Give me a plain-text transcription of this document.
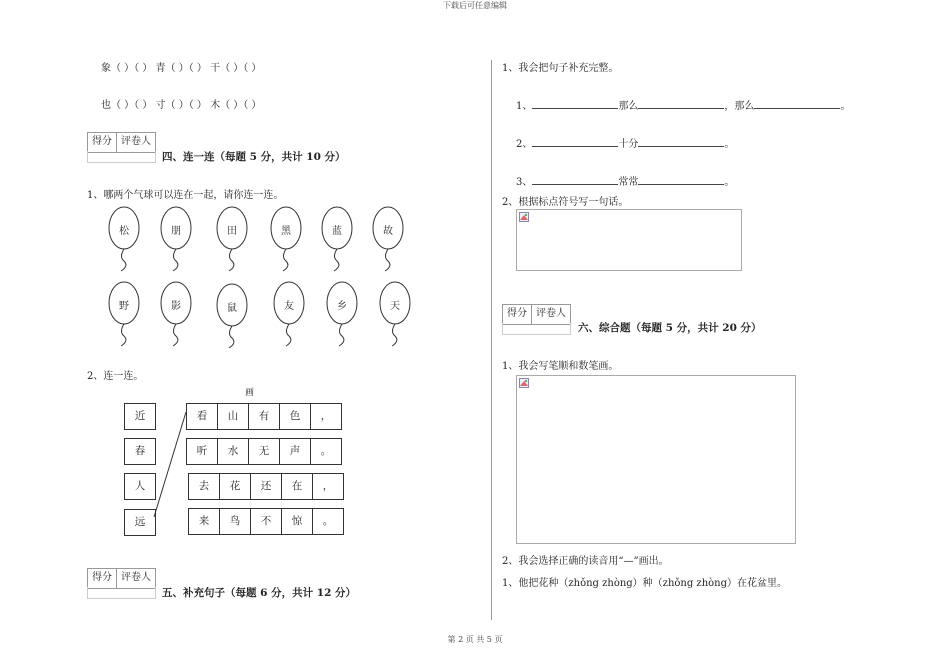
下载后可任意编辑
第 2 页 共 5 页
象（ ）（ ） 青（ ）（ ） 干（ ）（ ）
也（ ）（ ） 寸（ ）（ ） 木（ ）（ ）
得分 评卷人
四、连一连（每题 5 分，共计 10 分）
1、哪两个气球可以连在一起，请你连一连。
松	朋	田	黑	蓝	故
野	影	鼠	友	乡	天
2、连一连。
画
近
春
人
远
看	山	有	色	，
听	水	无	声	。
去	花	还	在	，
来	鸟	不	惊	。
得分 评卷人
五、补充句子（每题 6 分，共计 12 分）
1、我会把句子补充完整。
1、	那么	，那么	。
2、	十分	。
3、	常常	。
2、根据标点符号写一句话。
得分 评卷人
六、综合题（每题 5 分，共计 20 分）
1、我会写笔顺和数笔画。
2、我会选择正确的读音用“—”画出。
1、他把花种（zhǒng zhòng）种（zhǒng zhòng）在花盆里。
